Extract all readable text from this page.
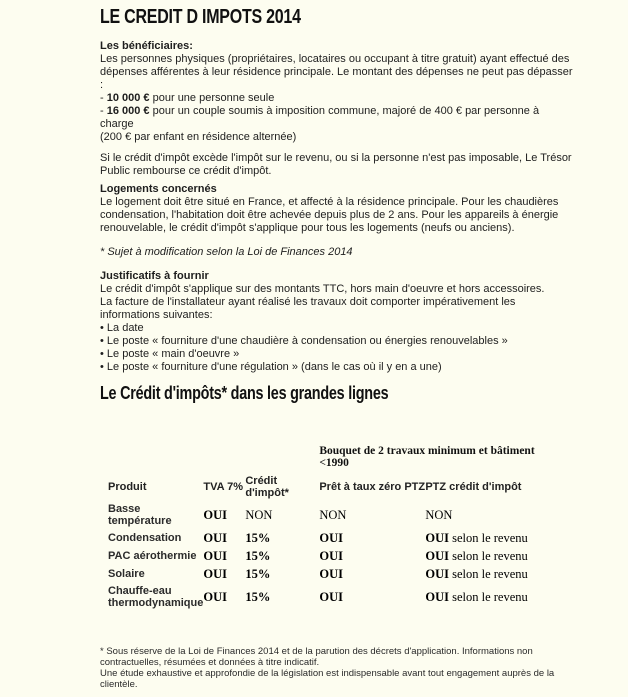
LE CREDIT D IMPOTS 2014
Les bénéficiaires:
Les personnes physiques (propriétaires, locataires ou occupant à titre gratuit) ayant effectué des
dépenses afférentes à leur résidence principale. Le montant des dépenses ne peut pas dépasser
:
- 10 000 € pour une personne seule
- 16 000 € pour un couple soumis à imposition commune, majoré de 400 € par personne à
charge
(200 € par enfant en résidence alternée)
Si le crédit d'impôt excède l'impôt sur le revenu, ou si la personne n'est pas imposable, Le Trésor
Public rembourse ce crédit d'impôt.
Logements concernés
Le logement doit être situé en France, et affecté à la résidence principale. Pour les chaudières
condensation, l'habitation doit être achevée depuis plus de 2 ans. Pour les appareils à énergie
renouvelable, le crédit d'impôt s'applique pour tous les logements (neufs ou anciens).
* Sujet à modification selon la Loi de Finances 2014
Justificatifs à fournir
Le crédit d'impôt s'applique sur des montants TTC, hors main d'oeuvre et hors accessoires.
La facture de l'installateur ayant réalisé les travaux doit comporter impérativement les
informations suivantes:
• La date
• Le poste « fourniture d'une chaudière à condensation ou énergies renouvelables »
• Le poste « main d'oeuvre »
• Le poste « fourniture d'une régulation » (dans le cas où il y en a une)
Le Crédit d'impôts* dans les grandes lignes

			Bouquet de 2 travaux minimum et bâtiment
<1990	

Produit	TVA 7%	Crédit d'impôt*	Prêt à taux zéro PTZ	PTZ crédit d'impôt
Basse température	OUI	NON	NON	NON
Condensation	OUI	15%	OUI	OUI selon le revenu
PAC aérothermie	OUI	15%	OUI	OUI selon le revenu
Solaire	OUI	15%	OUI	OUI selon le revenu
Chauffe-eau thermodynamique	OUI	15%	OUI	OUI selon le revenu
* Sous réserve de la Loi de Finances 2014 et de la parution des décrets d'application. Informations non
contractuelles, résumées et données à titre indicatif.
Une étude exhaustive et approfondie de la législation est indispensable avant tout engagement auprès de la
clientèle.
